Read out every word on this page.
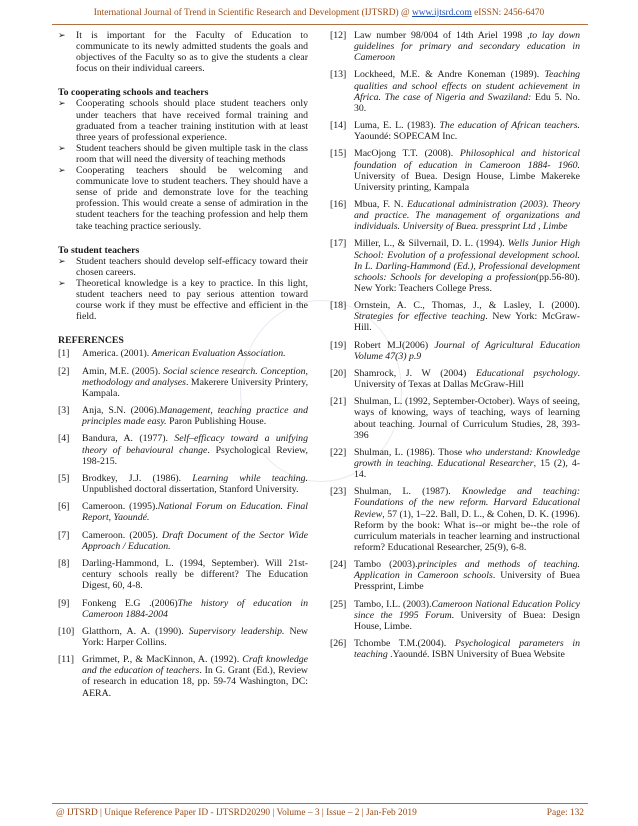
International Journal of Trend in Scientific Research and Development (IJTSRD) @ www.ijtsrd.com eISSN: 2456-6470
➢ It is important for the Faculty of Education to communicate to its newly admitted students the goals and objectives of the Faculty so as to give the students a clear focus on their individual careers.

To cooperating schools and teachers

➢ Cooperating schools should place student teachers only under teachers that have received formal training and graduated from a teacher training institution with at least three years of professional experience.
➢ Student teachers should be given multiple task in the class room that will need the diversity of teaching methods
➢ Cooperating teachers should be welcoming and communicate love to student teachers. They should have a sense of pride and demonstrate love for the teaching profession. This would create a sense of admiration in the student teachers for the teaching profession and help them take teaching practice seriously.

To student teachers

➢ Student teachers should develop self-efficacy toward their chosen careers.
➢ Theoretical knowledge is a key to practice. In this light, student teachers need to pay serious attention toward course work if they must be effective and efficient in the field.

REFERENCES

[1]	America. (2001). American Evaluation Association.
[2]	Amin, M.E. (2005). Social science research. Conception, methodology and analyses. Makerere University Printery, Kampala.
[3]	Anja, S.N. (2006).Management, teaching practice and principles made easy. Paron Publishing House.
[4]	Bandura, A. (1977). Self–efficacy toward a unifying theory of behavioural change. Psychological Review, 198-215.
[5]	Brodkey, J.J. (1986). Learning while teaching. Unpublished doctoral dissertation, Stanford University.
[6]	Cameroon. (1995).National Forum on Education. Final Report, Yaoundé.
[7]	Cameroon. (2005). Draft Document of the Sector Wide Approach / Education.
[8]	Darling-Hammond, L. (1994, September). Will 21st-century schools really be different? The Education Digest, 60, 4-8.
[9]	Fonkeng E.G .(2006)The history of education in Cameroon 1884-2004
[10] Glatthorn, A. A. (1990). Supervisory leadership. New York: Harper Collins.
[11] Grimmet, P., & MacKinnon, A. (1992). Craft knowledge and the education of teachers. In G. Grant (Ed.), Review of research in education 18, pp. 59-74 Washington, DC: AERA.
[12] Law number 98/004 of 14th Ariel 1998 ,to lay down guidelines for primary and secondary education in Cameroon
[13] Lockheed, M.E. & Andre Koneman (1989). Teaching qualities and school effects on student achievement in Africa. The case of Nigeria and Swaziland: Edu 5. No. 30.
[14] Luma, E. L. (1983). The education of African teachers. Yaoundé: SOPECAM Inc.
[15] MacOjong T.T. (2008). Philosophical and historical foundation of education in Cameroon 1884- 1960. University of Buea. Design House, Limbe Makereke University printing, Kampala
[16] Mbua, F. N. Educational administration (2003). Theory and practice. The management of organizations and individuals. University of Buea. pressprint Ltd , Limbe
[17] Miller, L., & Silvernail, D. L. (1994). Wells Junior High School: Evolution of a professional development school. In L. Darling-Hammond (Ed.), Professional development schools: Schools for developing a profession(pp.56-80). New York: Teachers College Press.
[18] Ornstein, A. C., Thomas, J., & Lasley, I. (2000). Strategies for effective teaching. New York: McGraw-Hill.
[19] Robert M.J(2006) Journal of Agricultural Education Volume 47(3) p.9
[20] Shamrock, J. W (2004) Educational psychology. University of Texas at Dallas McGraw-Hill
[21] Shulman, L. (1992, September-October). Ways of seeing, ways of knowing, ways of teaching, ways of learning about teaching. Journal of Curriculum Studies, 28, 393-396
[22] Shulman, L. (1986). Those who understand: Knowledge growth in teaching. Educational Researcher, 15 (2), 4-14.
[23] Shulman, L. (1987). Knowledge and teaching: Foundations of the new reform. Harvard Educational Review, 57 (1), 1–22. Ball, D. L., & Cohen, D. K. (1996). Reform by the book: What is--or might be--the role of curriculum materials in teacher learning and instructional reform? Educational Researcher, 25(9), 6-8.
[24] Tambo (2003).principles and methods of teaching. Application in Cameroon schools. University of Buea Pressprint, Limbe
[25] Tambo, I.L. (2003).Cameroon National Education Policy since the 1995 Forum. University of Buea: Design House, Limbe.
[26] Tchombe T.M.(2004). Psychological parameters in teaching .Yaoundé. ISBN University of Buea Website
@ IJTSRD | Unique Reference Paper ID - IJTSRD20290 | Volume – 3 | Issue – 2 | Jan-Feb 2019	Page: 132
